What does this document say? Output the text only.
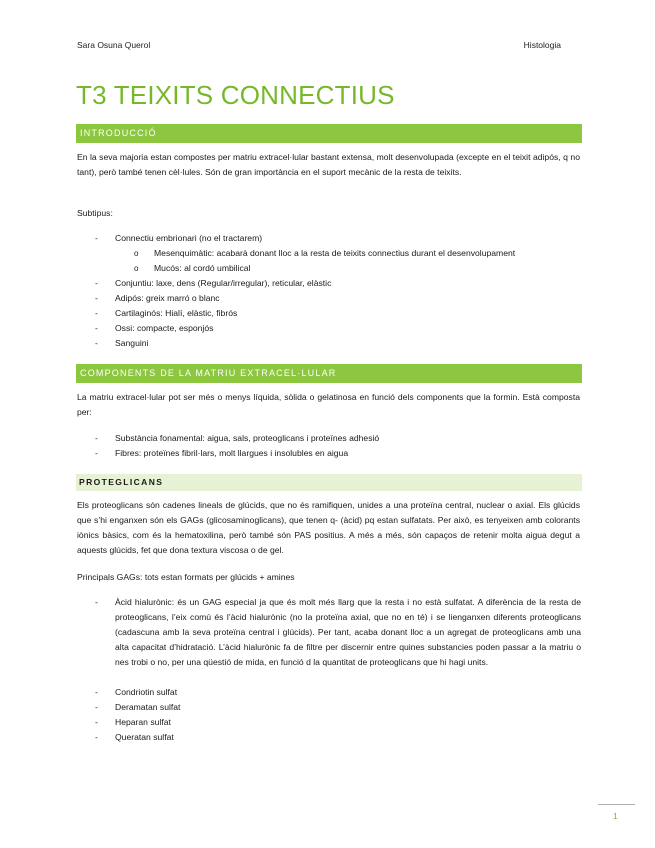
Sara Osuna Querol	Histologia
T3 TEIXITS CONNECTIUS
INTRODUCCIÓ

En la seva majoria estan compostes per matriu extracel·lular bastant extensa, molt desenvolupada (excepte en el teixit adipós, q no tant), però també tenen cèl·lules. Són de gran importància en el suport mecànic de la resta de teixits.

Subtipus:
- Connectiu embrionari (no el tractarem)
o Mesenquimàtic: acabarà donant lloc a la resta de teixits connectius durant el desenvolupament
o Mucós: al cordó umbilical
- Conjuntiu: laxe, dens (Regular/irregular), reticular, elàstic
- Adipós: greix marró o blanc
- Cartilaginós: Hialí, elàstic, fibrós
- Ossi: compacte, esponjós
- Sanguini
COMPONENTS DE LA MATRIU EXTRACEL·LULAR

La matriu extracel·lular pot ser més o menys líquida, sòlida o gelatinosa en funció dels components que la formin. Està composta per:

- Substància fonamental: aigua, sals, proteoglicans i proteïnes adhesió
- Fibres: proteïnes fibril·lars, molt llargues i insolubles en aigua
PROTEGLICANS

Els proteoglicans són cadenes lineals de glúcids, que no és ramifiquen, unides a una proteïna central, nuclear o axial. Els glúcids que s’hi enganxen són els GAGs (glicosaminoglicans), que tenen q- (àcid) pq estan sulfatats. Per això, es tenyeixen amb colorants iònics bàsics, com és la hematoxilina, però també són PAS positius. A més a més, són capaços de retenir molta aigua degut a aquests glúcids, fet que dona textura viscosa o de gel.

Principals GAGs: tots estan formats per glúcids + amines
- Àcid hialurònic: és un GAG especial ja que és molt més llarg que la resta i no està sulfatat. A diferència de la resta de proteoglicans, l’eix comú és l’àcid hialurònic (no la proteïna axial, que no en té) i se lienganxen diferents proteoglicans (cadascuna amb la seva proteïna central i glúcids). Per tant, acaba donant lloc a un agregat de proteoglicans amb una alta capacitat d’hidratació. L’àcid hialurònic fa de filtre per discernir entre quines substancies poden passar a la matriu o nes trobi o no, per una qüestió de mida, en funció d la quantitat de proteoglicans que hi hagi units.
- Condriotin sulfat
- Deramatan sulfat
- Heparan sulfat
- Queratan sulfat
1
